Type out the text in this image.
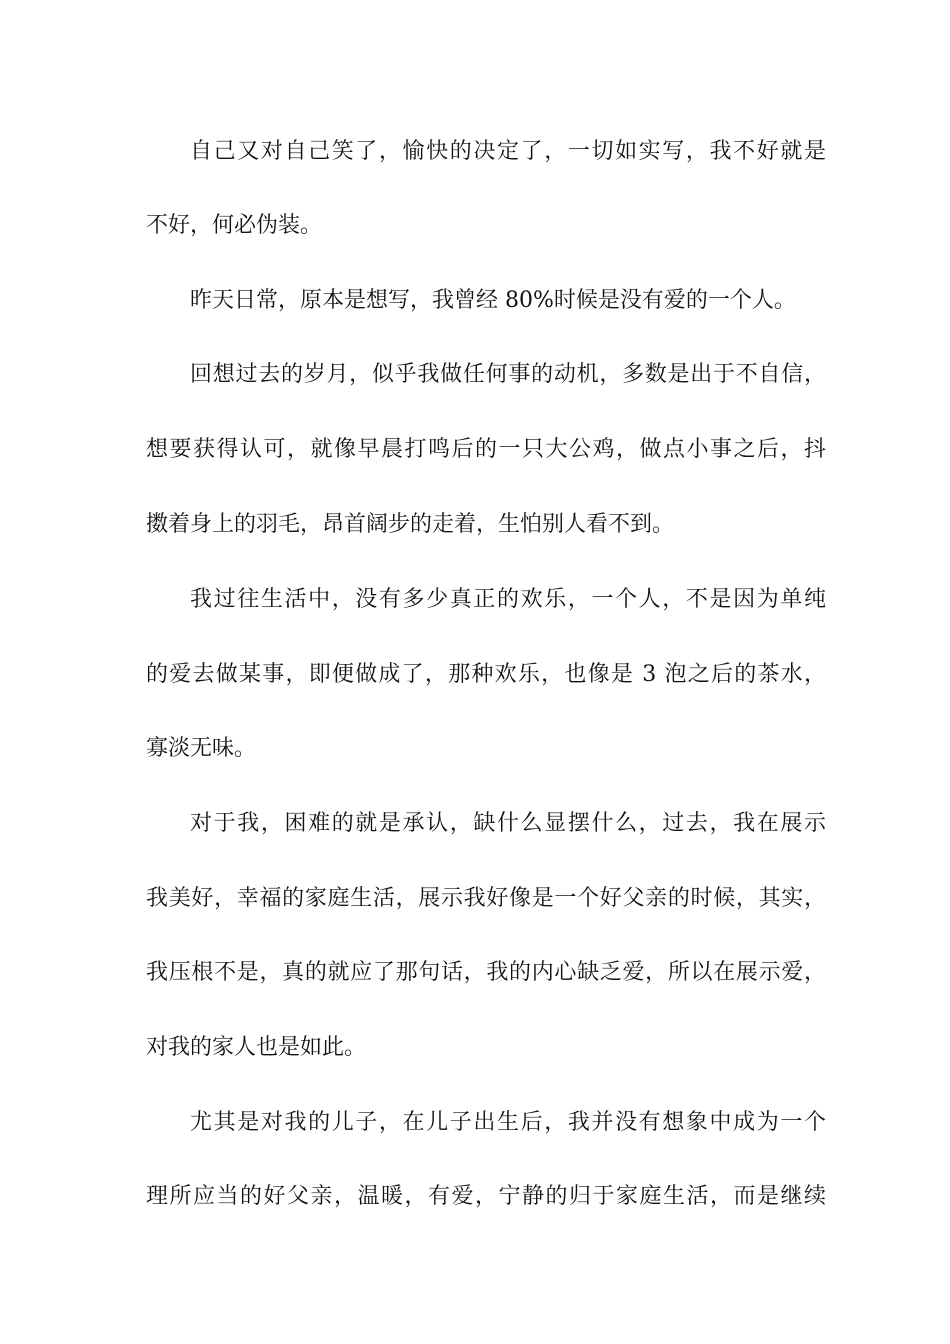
自己又对自己笑了，愉快的决定了，一切如实写，我不好就是
不好，何必伪装。
昨天日常，原本是想写，我曾经 80%时候是没有爱的一个人。
回想过去的岁月，似乎我做任何事的动机，多数是出于不自信，
想要获得认可，就像早晨打鸣后的一只大公鸡，做点小事之后，抖
擞着身上的羽毛，昂首阔步的走着，生怕别人看不到。
我过往生活中，没有多少真正的欢乐，一个人，不是因为单纯
的爱去做某事，即便做成了，那种欢乐，也像是 3 泡之后的茶水，
寡淡无味。
对于我，困难的就是承认，缺什么显摆什么，过去，我在展示
我美好，幸福的家庭生活，展示我好像是一个好父亲的时候，其实，
我压根不是，真的就应了那句话，我的内心缺乏爱，所以在展示爱，
对我的家人也是如此。
尤其是对我的儿子，在儿子出生后，我并没有想象中成为一个
理所应当的好父亲，温暖，有爱，宁静的归于家庭生活，而是继续
